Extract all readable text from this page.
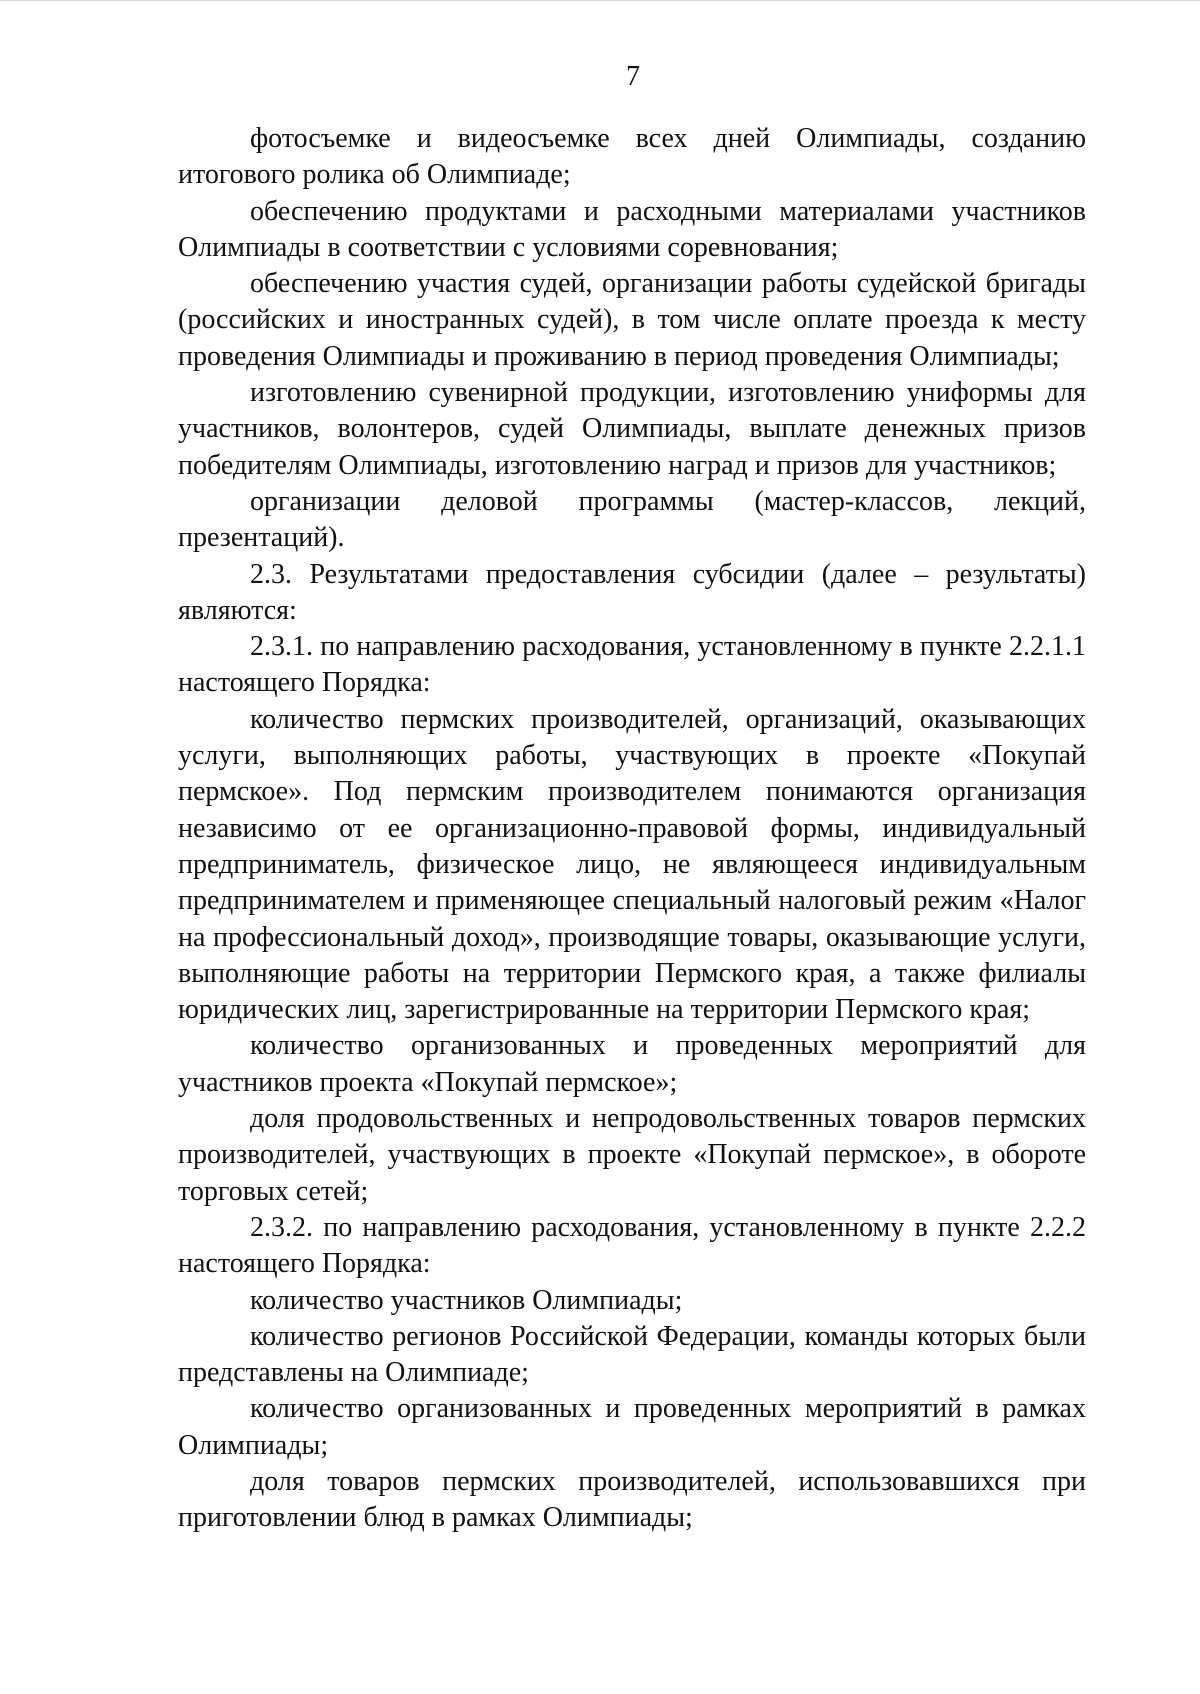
7

фотосъемке и видеосъемке всех дней Олимпиады, созданию итогового ролика об Олимпиаде;

обеспечению продуктами и расходными материалами участников Олимпиады в соответствии с условиями соревнования;

обеспечению участия судей, организации работы судейской бригады (российских и иностранных судей), в том числе оплате проезда к месту проведения Олимпиады и проживанию в период проведения Олимпиады;

изготовлению сувенирной продукции, изготовлению униформы для участников, волонтеров, судей Олимпиады, выплате денежных призов победителям Олимпиады, изготовлению наград и призов для участников;

организации деловой программы (мастер-классов, лекций, презентаций).

2.3. Результатами предоставления субсидии (далее – результаты) являются:

2.3.1. по направлению расходования, установленному в пункте 2.2.1.1 настоящего Порядка:

количество пермских производителей, организаций, оказывающих услуги, выполняющих работы, участвующих в проекте «Покупай пермское». Под пермским производителем понимаются организация независимо от ее организационно-правовой формы, индивидуальный предприниматель, физическое лицо, не являющееся индивидуальным предпринимателем и применяющее специальный налоговый режим «Налог на профессиональный доход», производящие товары, оказывающие услуги, выполняющие работы на территории Пермского края, а также филиалы юридических лиц, зарегистрированные на территории Пермского края;

количество организованных и проведенных мероприятий для участников проекта «Покупай пермское»;

доля продовольственных и непродовольственных товаров пермских производителей, участвующих в проекте «Покупай пермское», в обороте торговых сетей;

2.3.2. по направлению расходования, установленному в пункте 2.2.2 настоящего Порядка:

количество участников Олимпиады;

количество регионов Российской Федерации, команды которых были представлены на Олимпиаде;

количество организованных и проведенных мероприятий в рамках Олимпиады;

доля товаров пермских производителей, использовавшихся при приготовлении блюд в рамках Олимпиады;
